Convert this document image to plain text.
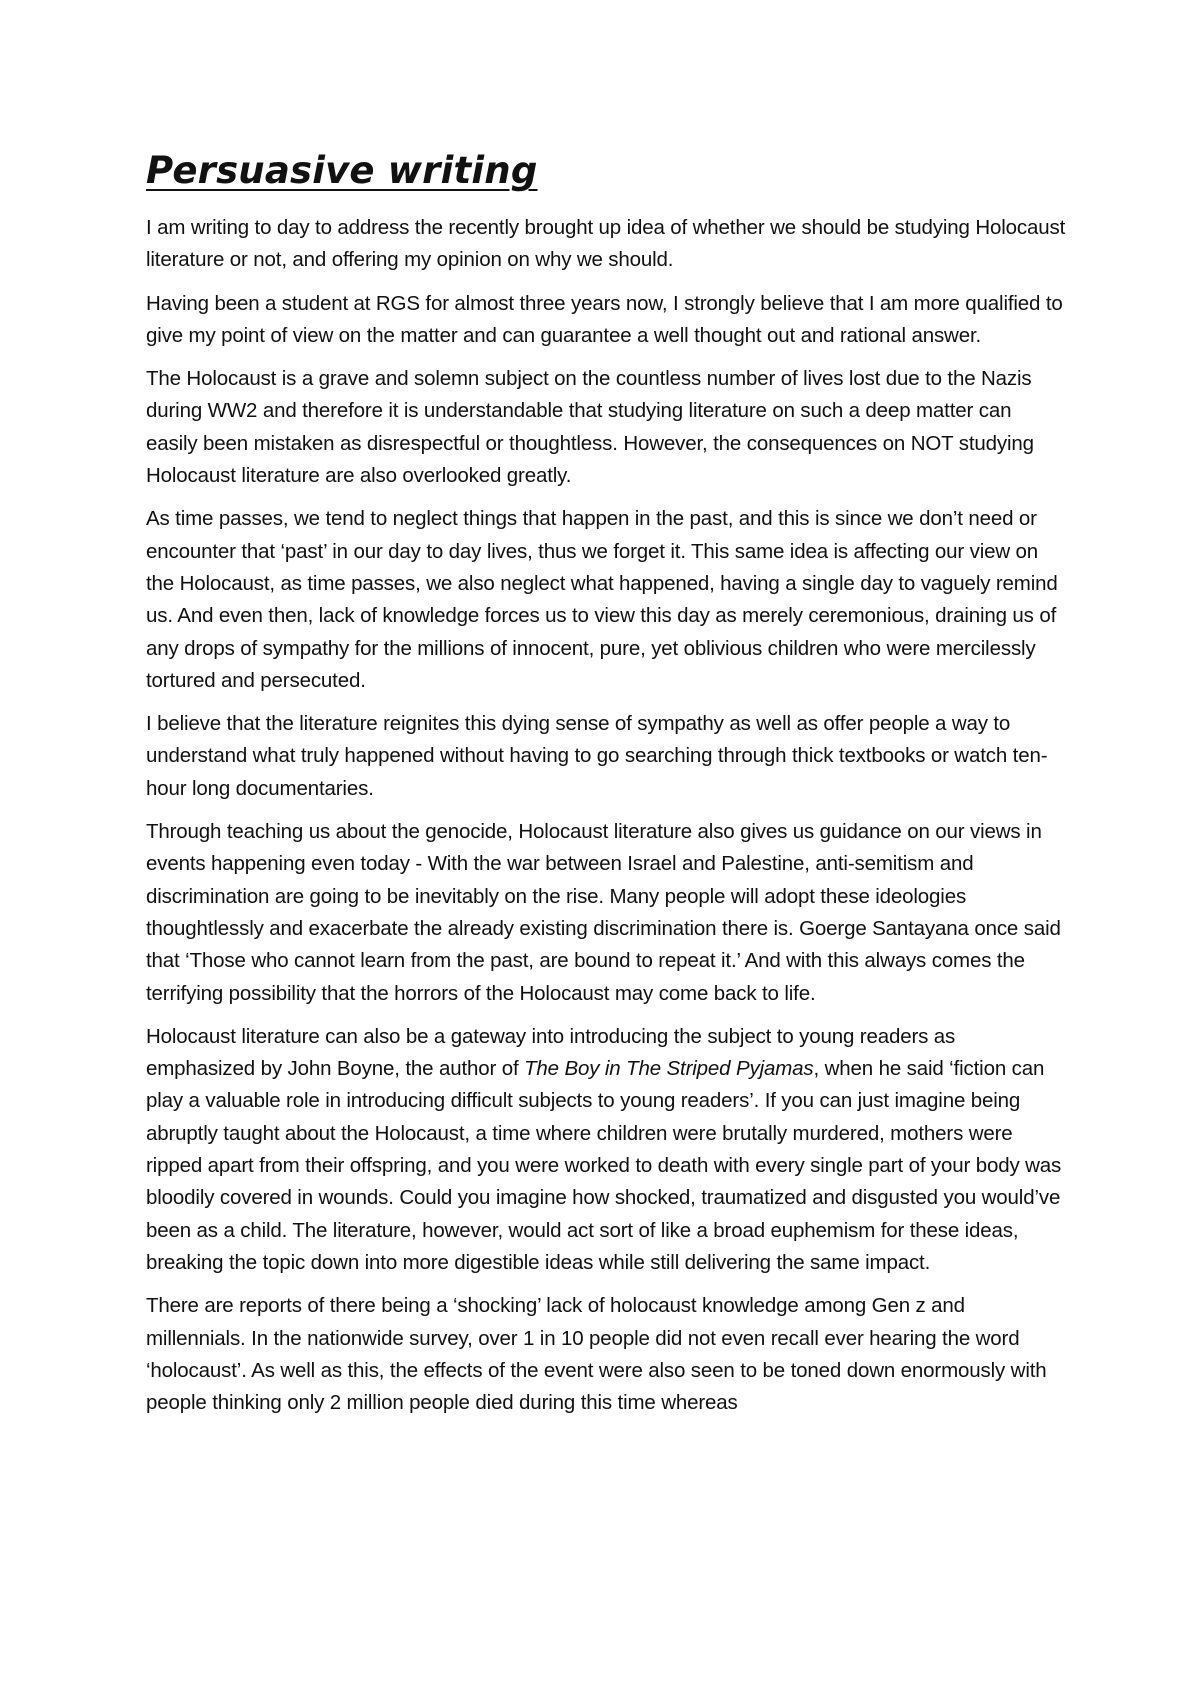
Persuasive writing

I am writing to day to address the recently brought up idea of whether we should be studying Holocaust literature or not, and offering my opinion on why we should.

Having been a student at RGS for almost three years now, I strongly believe that I am more qualified to give my point of view on the matter and can guarantee a well thought out and rational answer.

The Holocaust is a grave and solemn subject on the countless number of lives lost due to the Nazis during WW2 and therefore it is understandable that studying literature on such a deep matter can easily been mistaken as disrespectful or thoughtless. However, the consequences on NOT studying Holocaust literature are also overlooked greatly.

As time passes, we tend to neglect things that happen in the past, and this is since we don’t need or encounter that ‘past’ in our day to day lives, thus we forget it. This same idea is affecting our view on the Holocaust, as time passes, we also neglect what happened, having a single day to vaguely remind us. And even then, lack of knowledge forces us to view this day as merely ceremonious, draining us of any drops of sympathy for the millions of innocent, pure, yet oblivious children who were mercilessly tortured and persecuted.

I believe that the literature reignites this dying sense of sympathy as well as offer people a way to understand what truly happened without having to go searching through thick textbooks or watch ten-hour long documentaries.

Through teaching us about the genocide, Holocaust literature also gives us guidance on our views in events happening even today - With the war between Israel and Palestine, anti-semitism and discrimination are going to be inevitably on the rise. Many people will adopt these ideologies thoughtlessly and exacerbate the already existing discrimination there is. Goerge Santayana once said that ‘Those who cannot learn from the past, are bound to repeat it.’ And with this always comes the terrifying possibility that the horrors of the Holocaust may come back to life.

Holocaust literature can also be a gateway into introducing the subject to young readers as emphasized by John Boyne, the author of The Boy in The Striped Pyjamas, when he said ‘fiction can play a valuable role in introducing difficult subjects to young readers’. If you can just imagine being abruptly taught about the Holocaust, a time where children were brutally murdered, mothers were ripped apart from their offspring, and you were worked to death with every single part of your body was bloodily covered in wounds. Could you imagine how shocked, traumatized and disgusted you would’ve been as a child. The literature, however, would act sort of like a broad euphemism for these ideas, breaking the topic down into more digestible ideas while still delivering the same impact.

There are reports of there being a ‘shocking’ lack of holocaust knowledge among Gen z and millennials. In the nationwide survey, over 1 in 10 people did not even recall ever hearing the word ‘holocaust’. As well as this, the effects of the event were also seen to be toned down enormously with people thinking only 2 million people died during this time whereas
